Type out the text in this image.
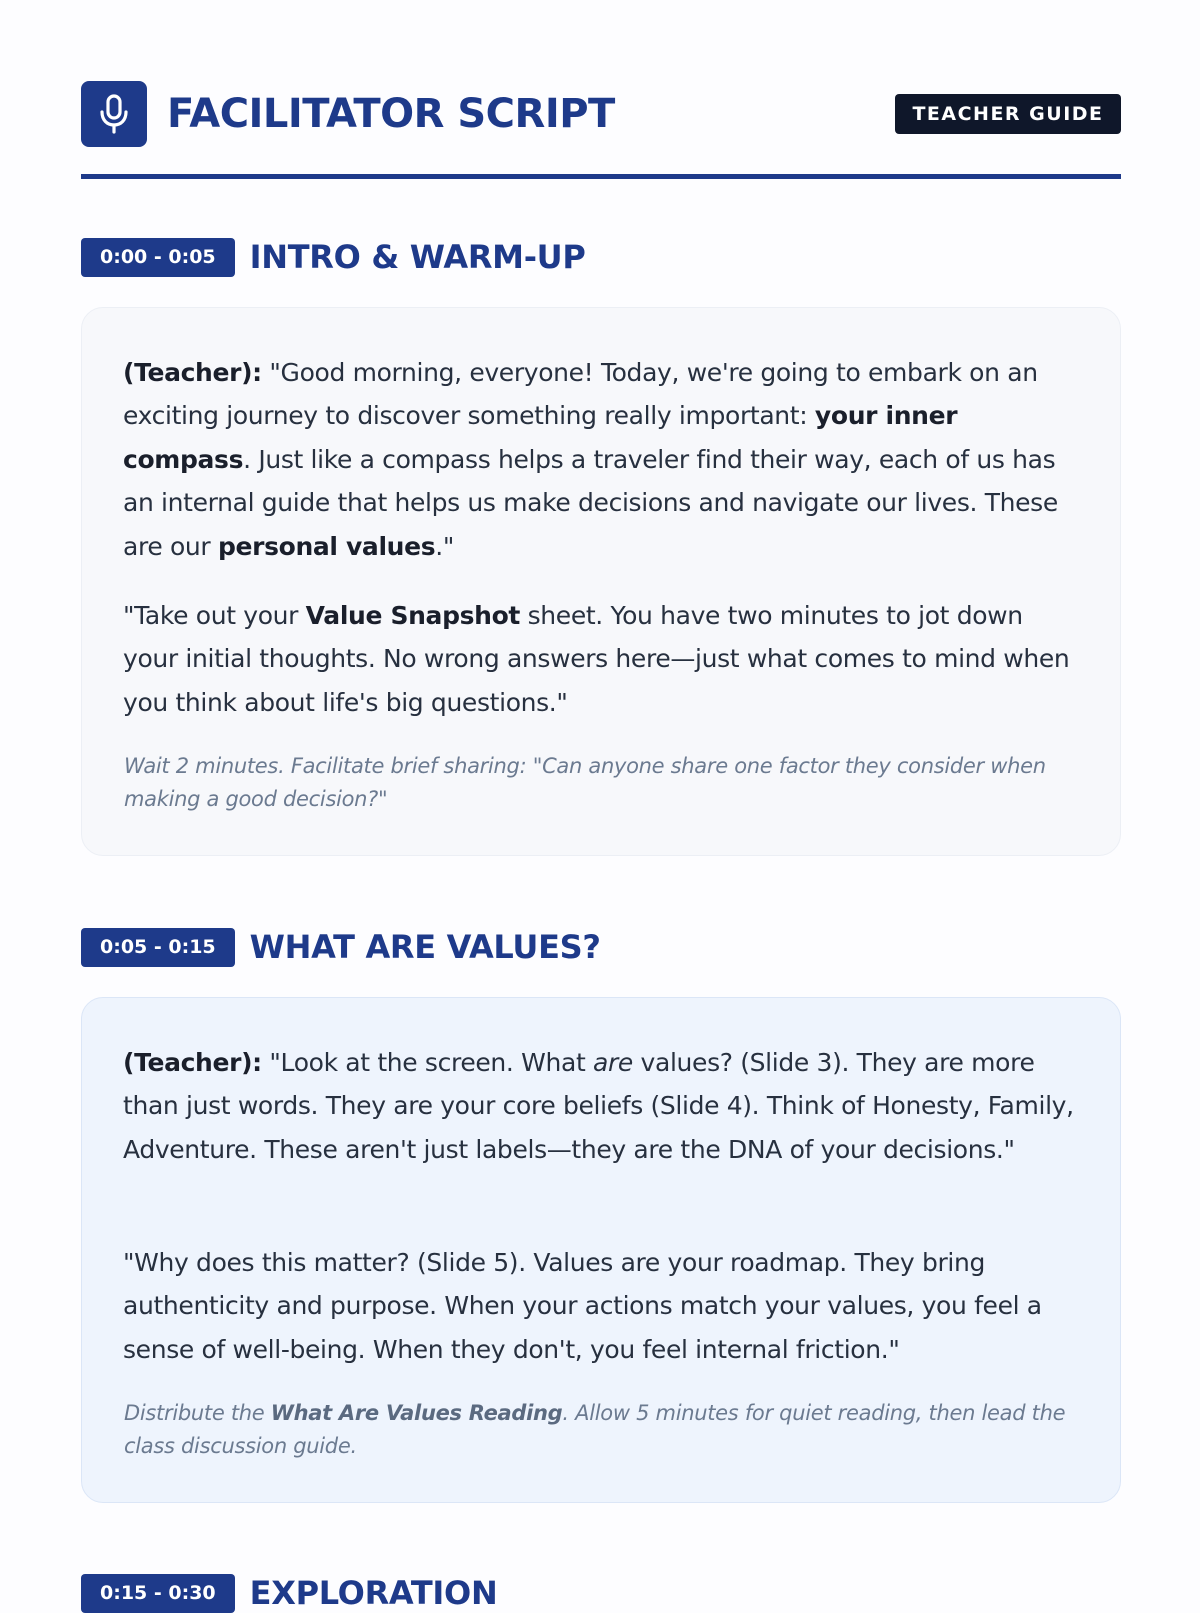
FACILITATOR SCRIPT	TEACHER GUIDE
0:00 - 0:05	INTRO & WARM-UP

(Teacher): "Good morning, everyone! Today, we're going to embark on an exciting journey to discover something really important: your inner compass. Just like a compass helps a traveler find their way, each of us has an internal guide that helps us make decisions and navigate our lives. These are our personal values."

"Take out your Value Snapshot sheet. You have two minutes to jot down your initial thoughts. No wrong answers here—just what comes to mind when you think about life's big questions."

Wait 2 minutes. Facilitate brief sharing: "Can anyone share one factor they consider when making a good decision?"

0:05 - 0:15	WHAT ARE VALUES?

(Teacher): "Look at the screen. What are values? (Slide 3). They are more than just words. They are your core beliefs (Slide 4). Think of Honesty, Family, Adventure. These aren't just labels—they are the DNA of your decisions."

"Why does this matter? (Slide 5). Values are your roadmap. They bring authenticity and purpose. When your actions match your values, you feel a sense of well-being. When they don't, you feel internal friction."

Distribute the What Are Values Reading. Allow 5 minutes for quiet reading, then lead the class discussion guide.

0:15 - 0:30	EXPLORATION
